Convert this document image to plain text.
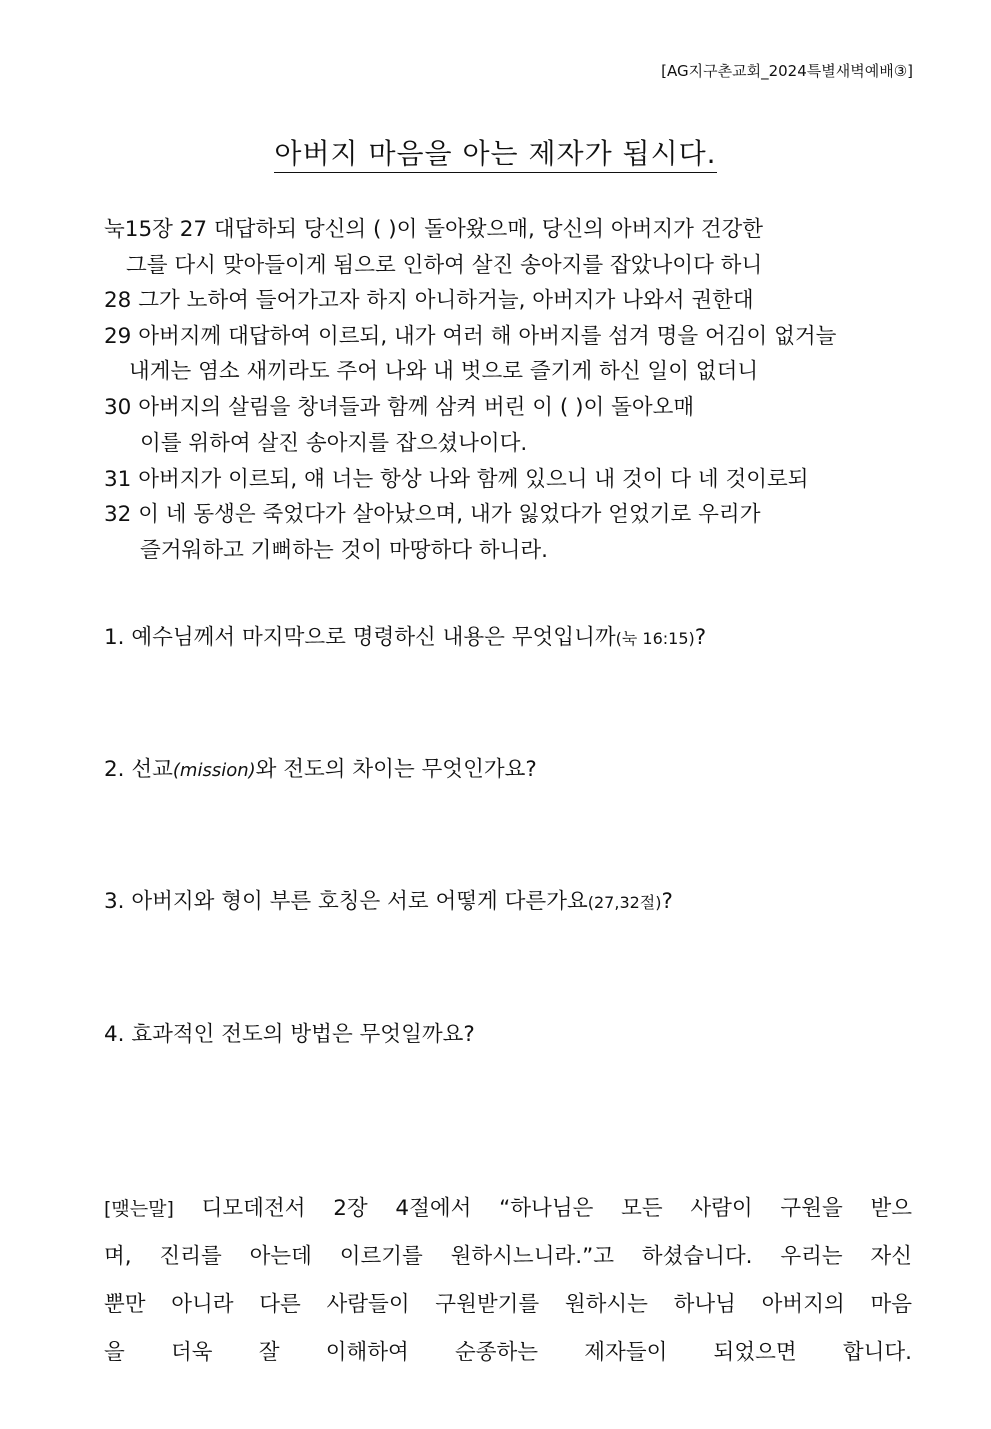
[AG지구촌교회_2024특별새벽예배③]
아버지 마음을 아는 제자가 됩시다.
눅15장 27 대답하되 당신의 ( )이 돌아왔으매, 당신의 아버지가 건강한
그를 다시 맞아들이게 됨으로 인하여 살진 송아지를 잡았나이다 하니
28 그가 노하여 들어가고자 하지 아니하거늘, 아버지가 나와서 권한대
29 아버지께 대답하여 이르되, 내가 여러 해 아버지를 섬겨 명을 어김이 없거늘
내게는 염소 새끼라도 주어 나와 내 벗으로 즐기게 하신 일이 없더니
30 아버지의 살림을 창녀들과 함께 삼켜 버린 이 ( )이 돌아오매
이를 위하여 살진 송아지를 잡으셨나이다.
31 아버지가 이르되, 얘 너는 항상 나와 함께 있으니 내 것이 다 네 것이로되
32 이 네 동생은 죽었다가 살아났으며, 내가 잃었다가 얻었기로 우리가
즐거워하고 기뻐하는 것이 마땅하다 하니라.
1. 예수님께서 마지막으로 명령하신 내용은 무엇입니까(눅 16:15)?
2. 선교(mission)와 전도의 차이는 무엇인가요?
3. 아버지와 형이 부른 호칭은 서로 어떻게 다른가요(27,32절)?
4. 효과적인 전도의 방법은 무엇일까요?
[맺는말] 디모데전서 2장 4절에서 “하나님은 모든 사람이 구원을 받으
며, 진리를 아는데 이르기를 원하시느니라.”고 하셨습니다. 우리는 자신
뿐만 아니라 다른 사람들이 구원받기를 원하시는 하나님 아버지의 마음
을 더욱 잘 이해하여 순종하는 제자들이 되었으면 합니다.
